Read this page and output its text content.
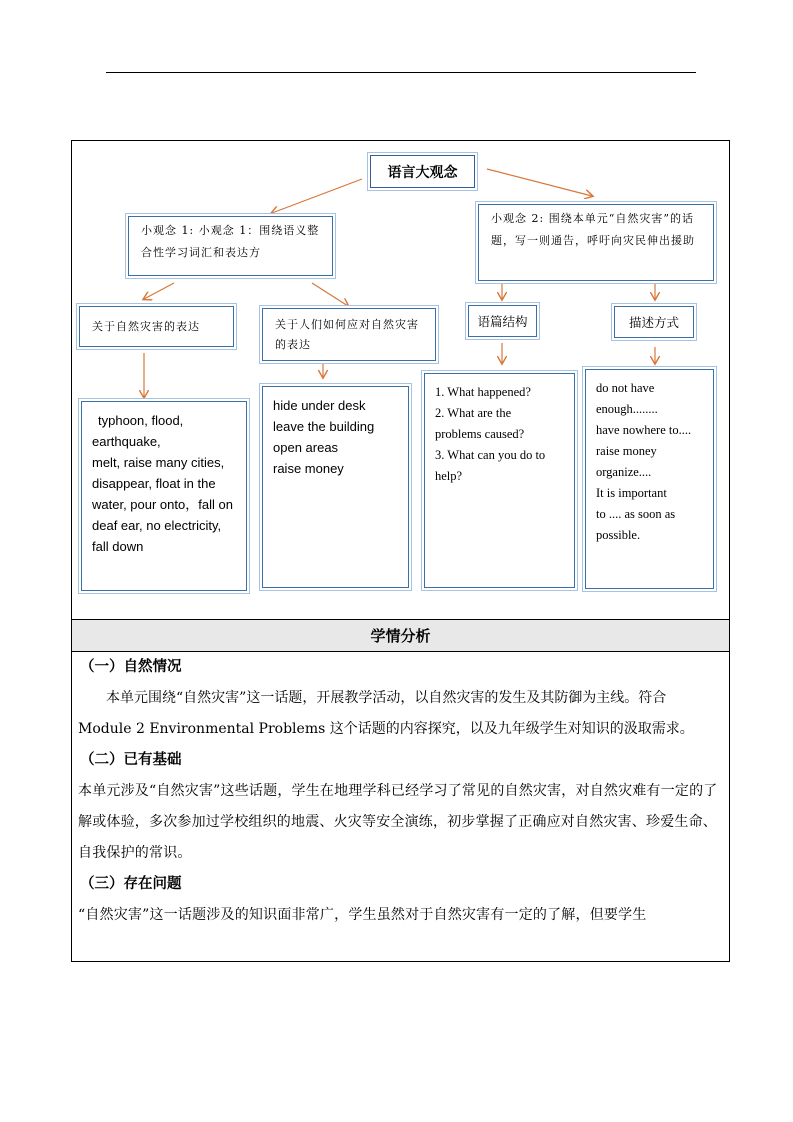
语言大观念
小观念 1: 小观念 1：围绕语义整合性学习词汇和表达方
小观念 2: 围绕本单元“自然灾害”的话题，写一则通告，呼吁向灾民伸出援助
关于自然灾害的表达	关于人们如何应对自然灾害的表达
语篇结构	描述方式
typhoon, flood,
earthquake,
melt, raise many cities,
disappear, float in the
water, pour onto，fall on
deaf ear, no electricity,
fall down
hide under desk
leave the building
open areas
raise money
1. What happened?
2. What are the
problems caused?
3. What can you do to
help?
do not have
enough........
have nowhere to....
raise money
organize....
It is important
to .... as soon as
possible.
学情分析
（一）自然情况
本单元围绕“自然灾害”这一话题，开展教学活动，以自然灾害的发生及其防御为主线。符合 Module 2 Environmental Problems 这个话题的内容探究，以及九年级学生对知识的汲取需求。
（二）已有基础
本单元涉及“自然灾害”这些话题，学生在地理学科已经学习了常见的自然灾害，对自然灾难有一定的了解或体验，多次参加过学校组织的地震、火灾等安全演练，初步掌握了正确应对自然灾害、珍爱生命、自我保护的常识。
（三）存在问题
“自然灾害”这一话题涉及的知识面非常广，学生虽然对于自然灾害有一定的了解，但要学生
